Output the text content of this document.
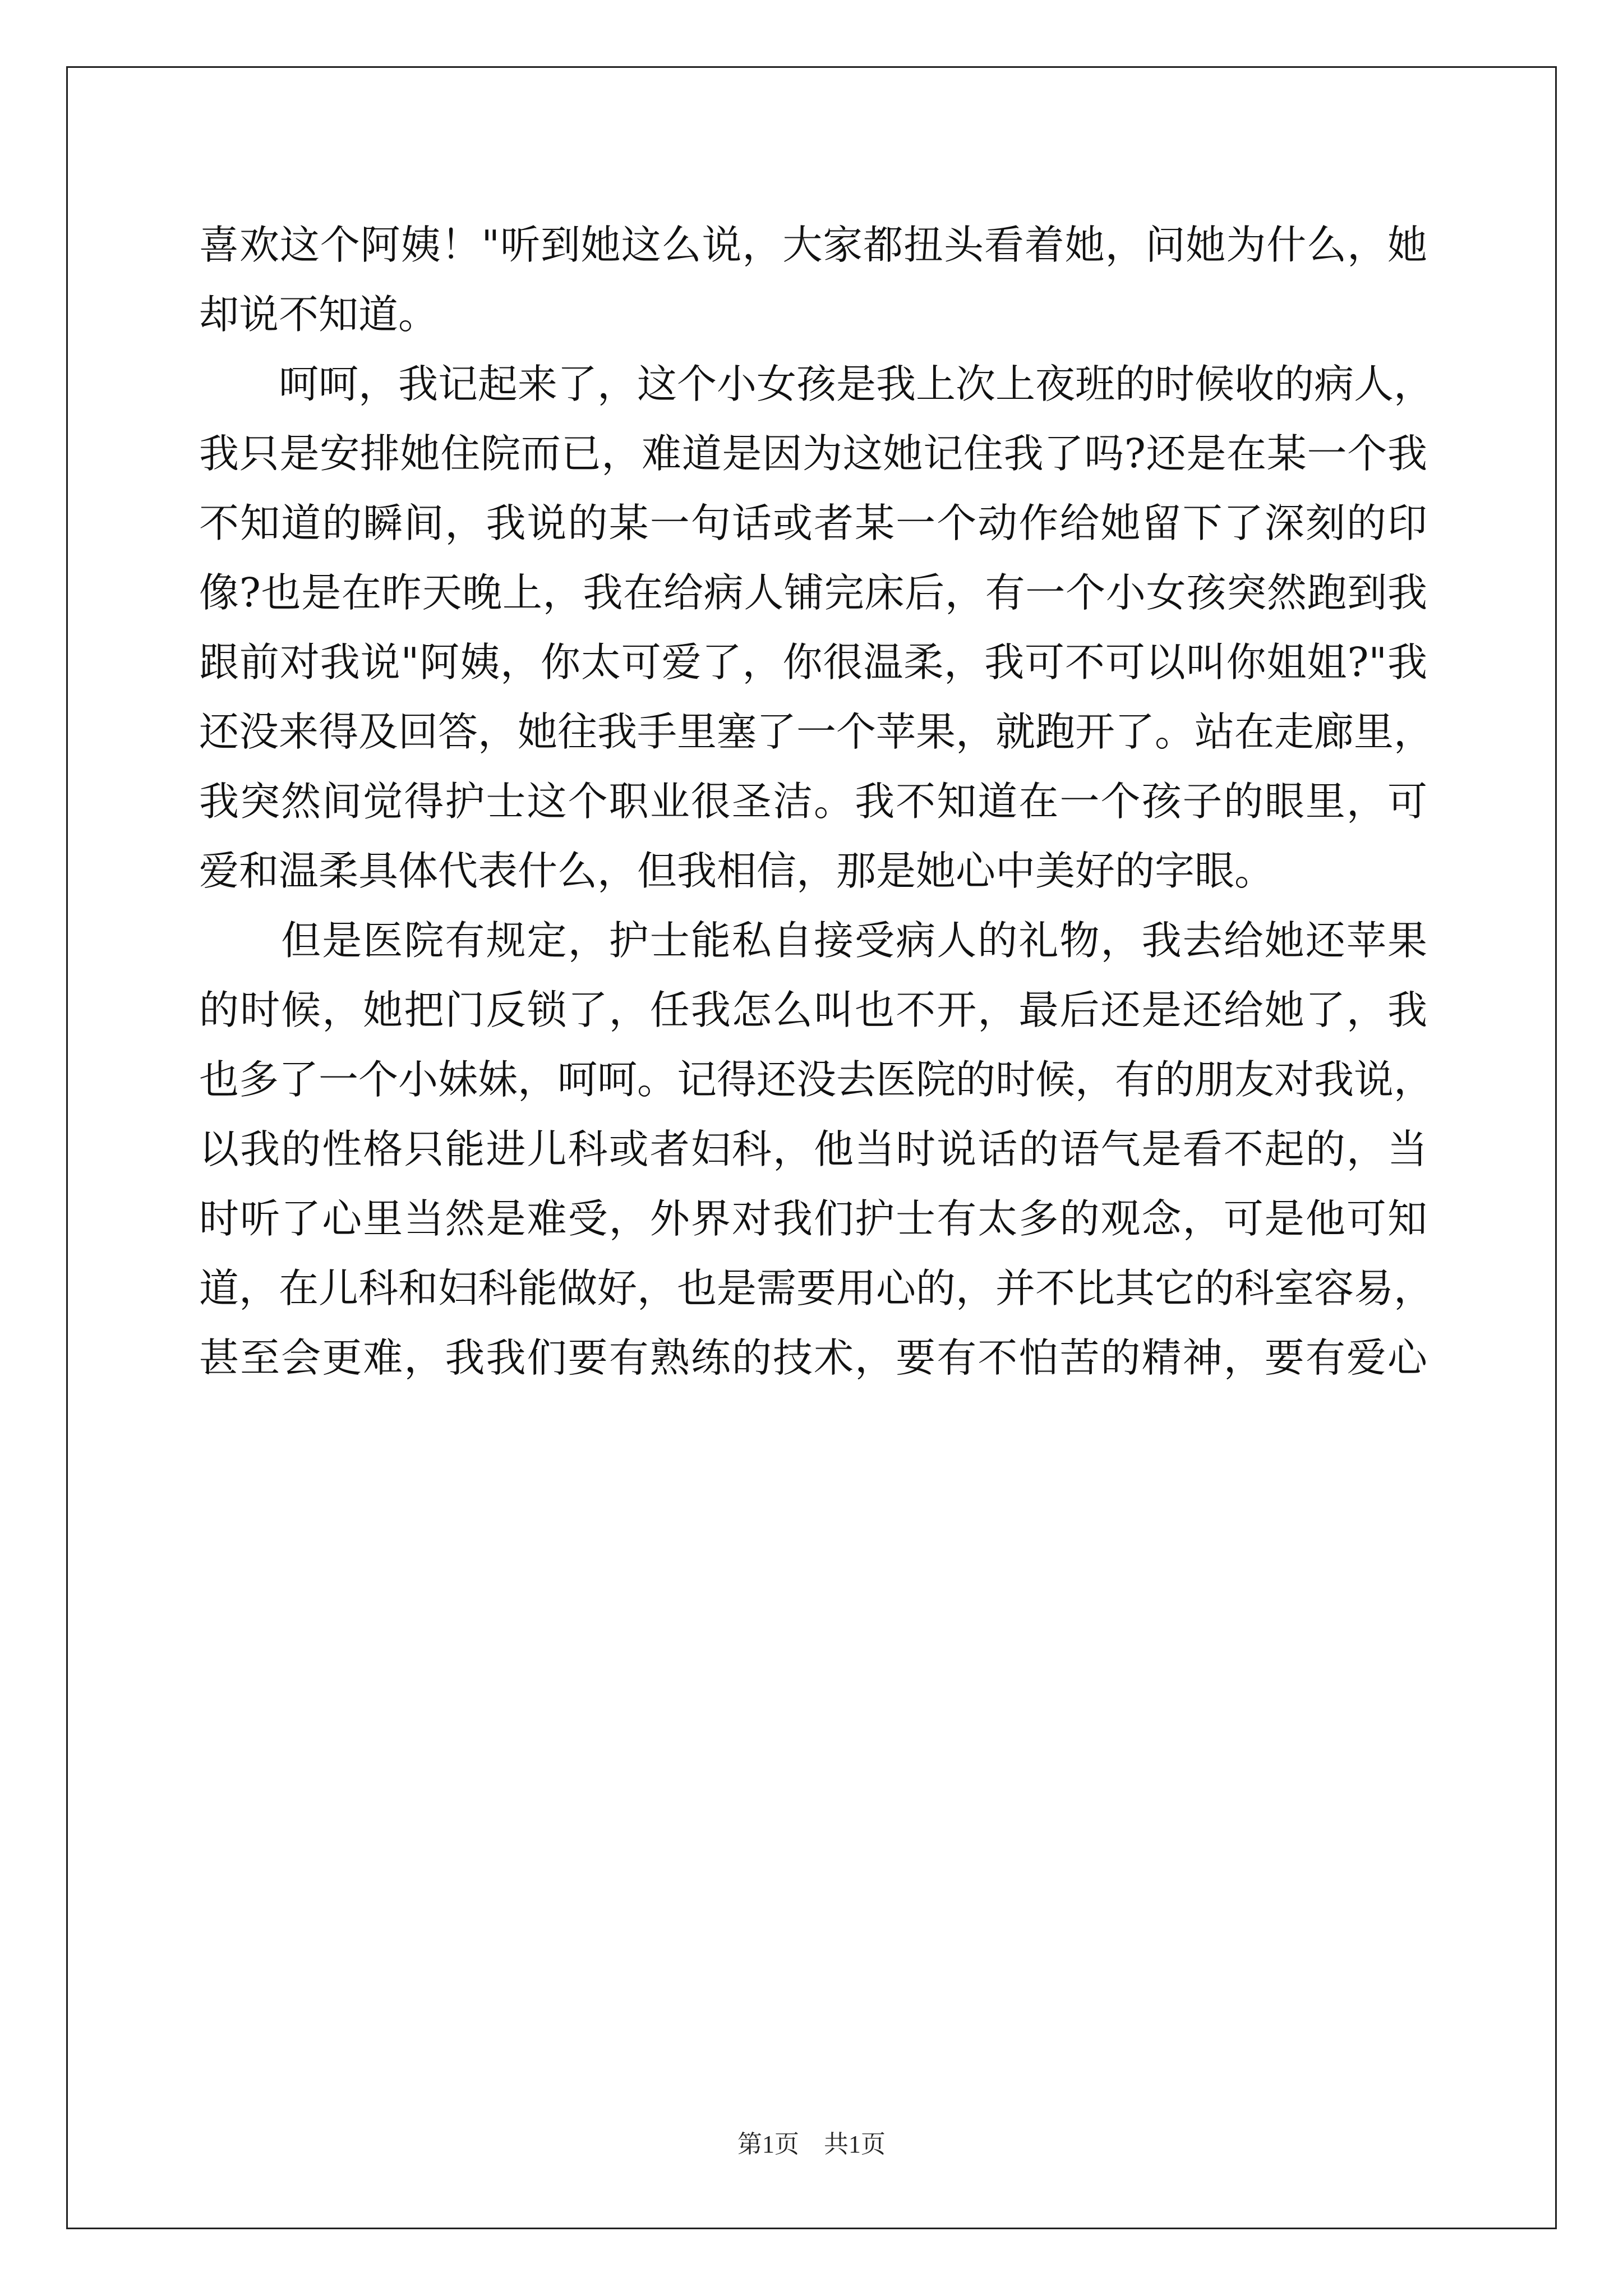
喜欢这个阿姨！"听到她这么说，大家都扭头看着她，问她为什么，她
却说不知道。
　　呵呵，我记起来了，这个小女孩是我上次上夜班的时候收的病人，
我只是安排她住院而已，难道是因为这她记住我了吗?还是在某一个我
不知道的瞬间，我说的某一句话或者某一个动作给她留下了深刻的印
像?也是在昨天晚上，我在给病人铺完床后，有一个小女孩突然跑到我
跟前对我说"阿姨，你太可爱了，你很温柔，我可不可以叫你姐姐?"我
还没来得及回答，她往我手里塞了一个苹果，就跑开了。站在走廊里，
我突然间觉得护士这个职业很圣洁。我不知道在一个孩子的眼里，可
爱和温柔具体代表什么，但我相信，那是她心中美好的字眼。
　　但是医院有规定，护士能私自接受病人的礼物，我去给她还苹果
的时候，她把门反锁了，任我怎么叫也不开，最后还是还给她了，我
也多了一个小妹妹，呵呵。记得还没去医院的时候，有的朋友对我说，
以我的性格只能进儿科或者妇科，他当时说话的语气是看不起的，当
时听了心里当然是难受，外界对我们护士有太多的观念，可是他可知
道，在儿科和妇科能做好，也是需要用心的，并不比其它的科室容易，
甚至会更难，我我们要有熟练的技术，要有不怕苦的精神，要有爱心
第1页　共1页
